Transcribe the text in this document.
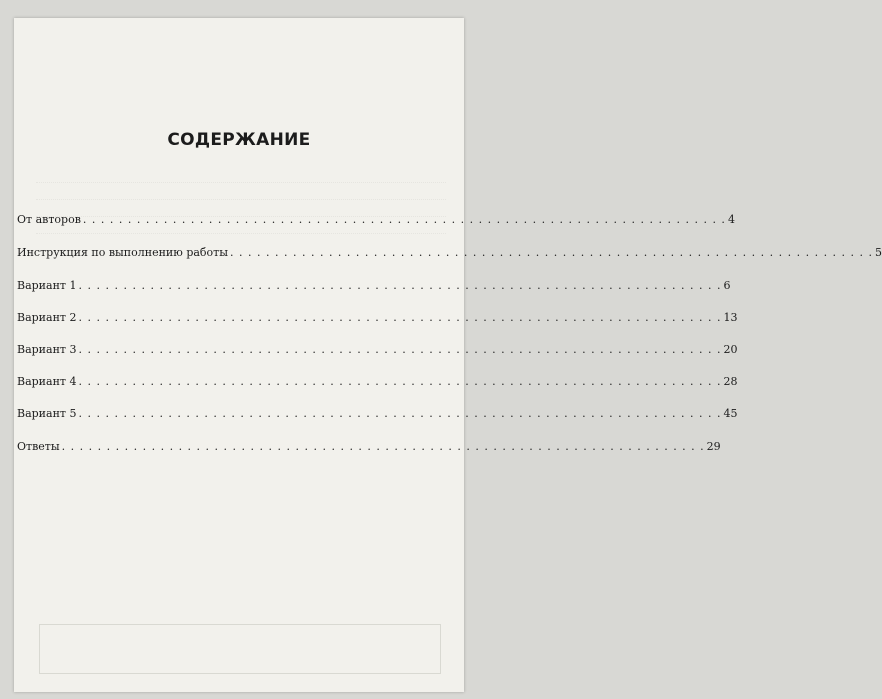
СОДЕРЖАНИЕ
От авторов . . . . . . . . . . . . . . . . . . . . . . . . . . . . . . . . . . . . . . . . . . . . . . . . . . . . . . . . . . . . . . . . . . . . . . . . 4
Инструкция по выполнению работы . . . . . . . . . . . . . . . . . . . . . . . . . . . . . . . . . . . . . . . . . . . . . . . . . . . . . . . . . . . . . . . . . . . . . . . . 5
Вариант 1 . . . . . . . . . . . . . . . . . . . . . . . . . . . . . . . . . . . . . . . . . . . . . . . . . . . . . . . . . . . . . . . . . . . . . . . . 6
Вариант 2 . . . . . . . . . . . . . . . . . . . . . . . . . . . . . . . . . . . . . . . . . . . . . . . . . . . . . . . . . . . . . . . . . . . . . . . . 13
Вариант 3 . . . . . . . . . . . . . . . . . . . . . . . . . . . . . . . . . . . . . . . . . . . . . . . . . . . . . . . . . . . . . . . . . . . . . . . . 20
Вариант 4 . . . . . . . . . . . . . . . . . . . . . . . . . . . . . . . . . . . . . . . . . . . . . . . . . . . . . . . . . . . . . . . . . . . . . . . . 28
Вариант 5 . . . . . . . . . . . . . . . . . . . . . . . . . . . . . . . . . . . . . . . . . . . . . . . . . . . . . . . . . . . . . . . . . . . . . . . . 45
Ответы . . . . . . . . . . . . . . . . . . . . . . . . . . . . . . . . . . . . . . . . . . . . . . . . . . . . . . . . . . . . . . . . . . . . . . . . 29
